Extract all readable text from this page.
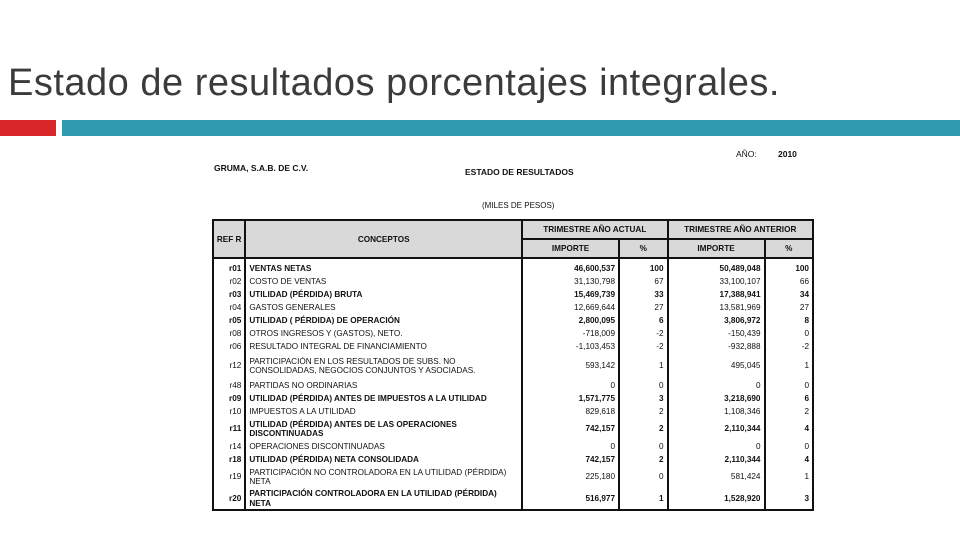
Estado de resultados porcentajes integrales.
GRUMA, S.A.B. DE C.V.	ESTADO DE RESULTADOS
(MILES DE PESOS)
AÑO: 2010
REF R	CONCEPTOS	TRIMESTRE AÑO ACTUAL		TRIMESTRE AÑO ANTERIOR	
		IMPORTE	%	IMPORTE	%
r01	VENTAS NETAS	46,600,537	100	50,489,048	100
r02	COSTO DE VENTAS	31,130,798	67	33,100,107	66
r03	UTILIDAD (PÉRDIDA) BRUTA	15,469,739	33	17,388,941	34
r04	GASTOS GENERALES	12,669,644	27	13,581,969	27
r05	UTILIDAD ( PÉRDIDA) DE OPERACIÓN	2,800,095	6	3,806,972	8
r08	OTROS INGRESOS Y (GASTOS), NETO.	-718,009	-2	-150,439	0
r06	RESULTADO INTEGRAL DE FINANCIAMIENTO	-1,103,453	-2	-932,888	-2
r12	PARTICIPACIÓN EN LOS RESULTADOS DE SUBS. NO CONSOLIDADAS, NEGOCIOS CONJUNTOS Y ASOCIADAS.	593,142	1	495,045	1
r48	PARTIDAS NO ORDINARIAS	0	0	0	0
r09	UTILIDAD (PÉRDIDA) ANTES DE IMPUESTOS A LA UTILIDAD	1,571,775	3	3,218,690	6
r10	IMPUESTOS A LA UTILIDAD	829,618	2	1,108,346	2
r11	UTILIDAD (PÉRDIDA) ANTES DE LAS OPERACIONES DISCONTINUADAS	742,157	2	2,110,344	4
r14	OPERACIONES DISCONTINUADAS	0	0	0	0
r18	UTILIDAD (PÉRDIDA) NETA CONSOLIDADA	742,157	2	2,110,344	4
r19	PARTICIPACIÓN NO CONTROLADORA EN LA UTILIDAD (PÉRDIDA) NETA	225,180	0	581,424	1
r20	PARTICIPACIÓN CONTROLADORA EN LA UTILIDAD (PÉRDIDA) NETA	516,977	1	1,528,920	3
